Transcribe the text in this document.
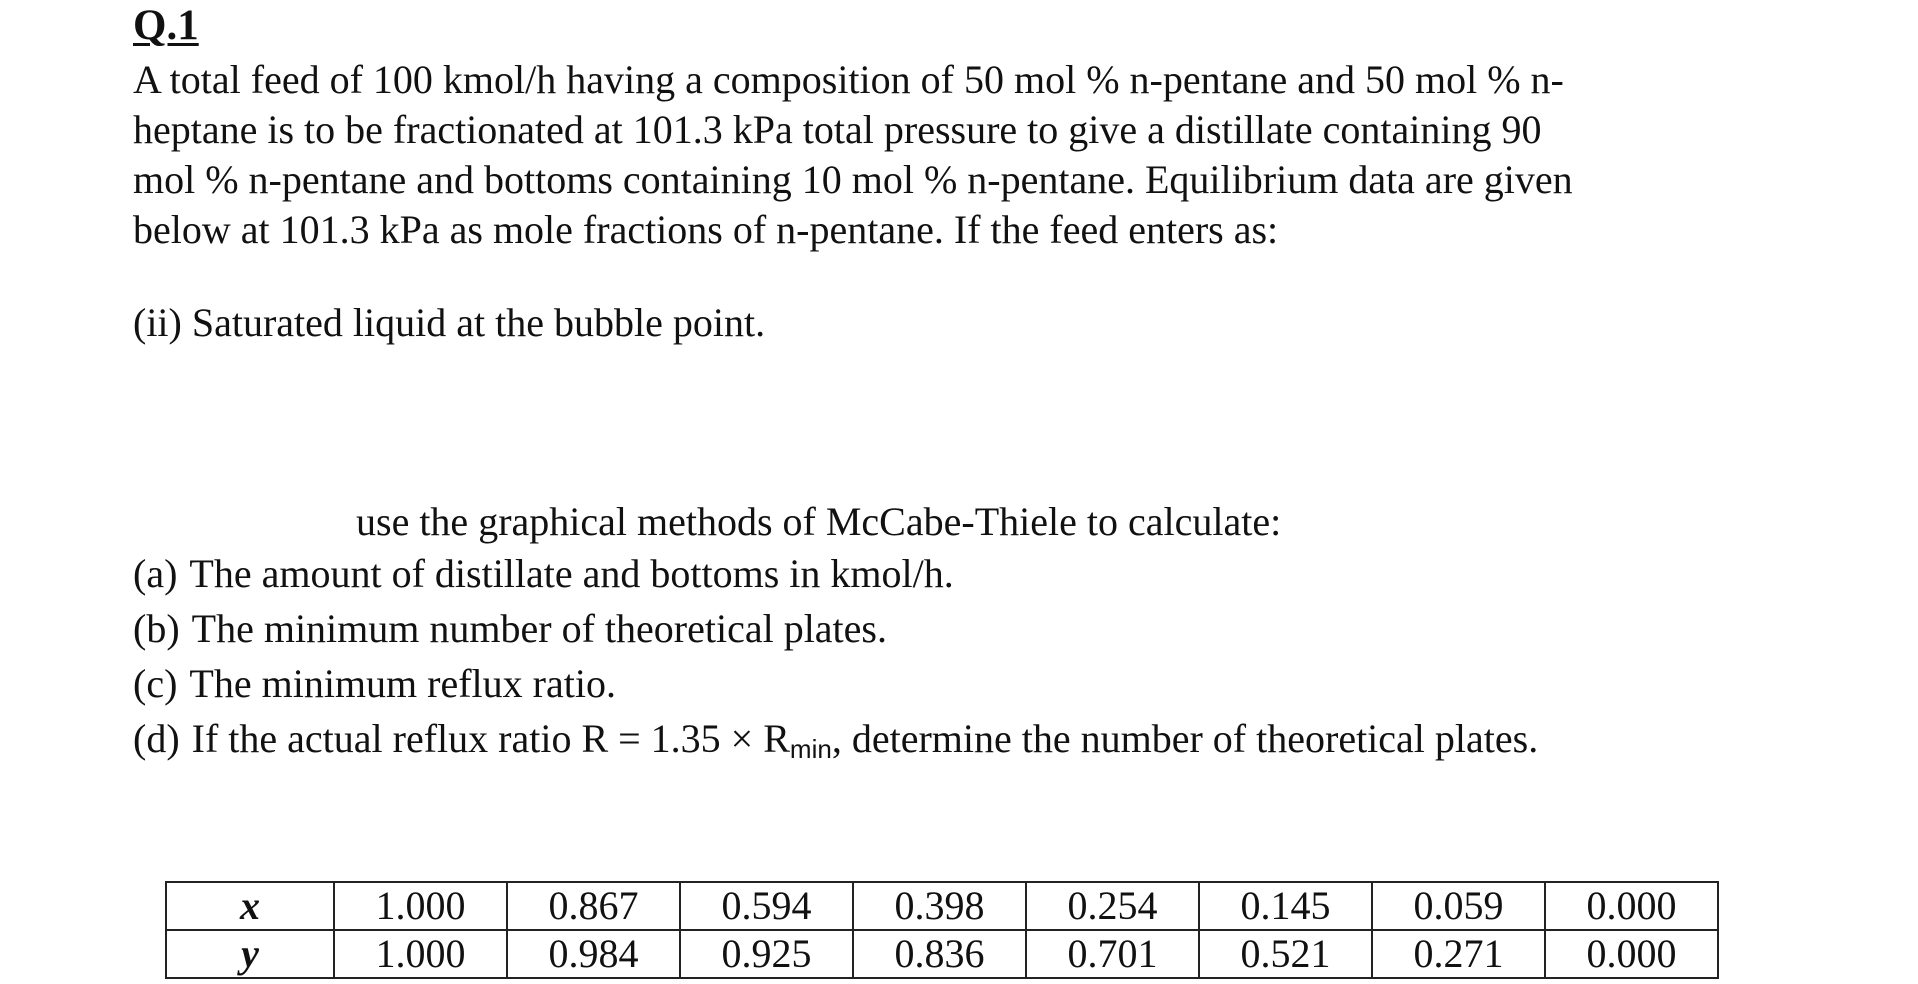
Q.1

A total feed of 100 kmol/h having a composition of 50 mol % n-pentane and 50 mol % n-
heptane is to be fractionated at 101.3 kPa total pressure to give a distillate containing 90
mol % n-pentane and bottoms containing 10 mol % n-pentane. Equilibrium data are given
below at 101.3 kPa as mole fractions of n-pentane. If the feed enters as:

(ii) Saturated liquid at the bubble point.
use the graphical methods of McCabe-Thiele to calculate:
(a) The amount of distillate and bottoms in kmol/h.
(b) The minimum number of theoretical plates.
(c) The minimum reflux ratio.
(d) If the actual reflux ratio $R = 1.35 \times R_{min}$, determine the number of theoretical plates.
x	1.000	0.867	0.594	0.398	0.254	0.145	0.059	0.000
y	1.000	0.984	0.925	0.836	0.701	0.521	0.271	0.000
